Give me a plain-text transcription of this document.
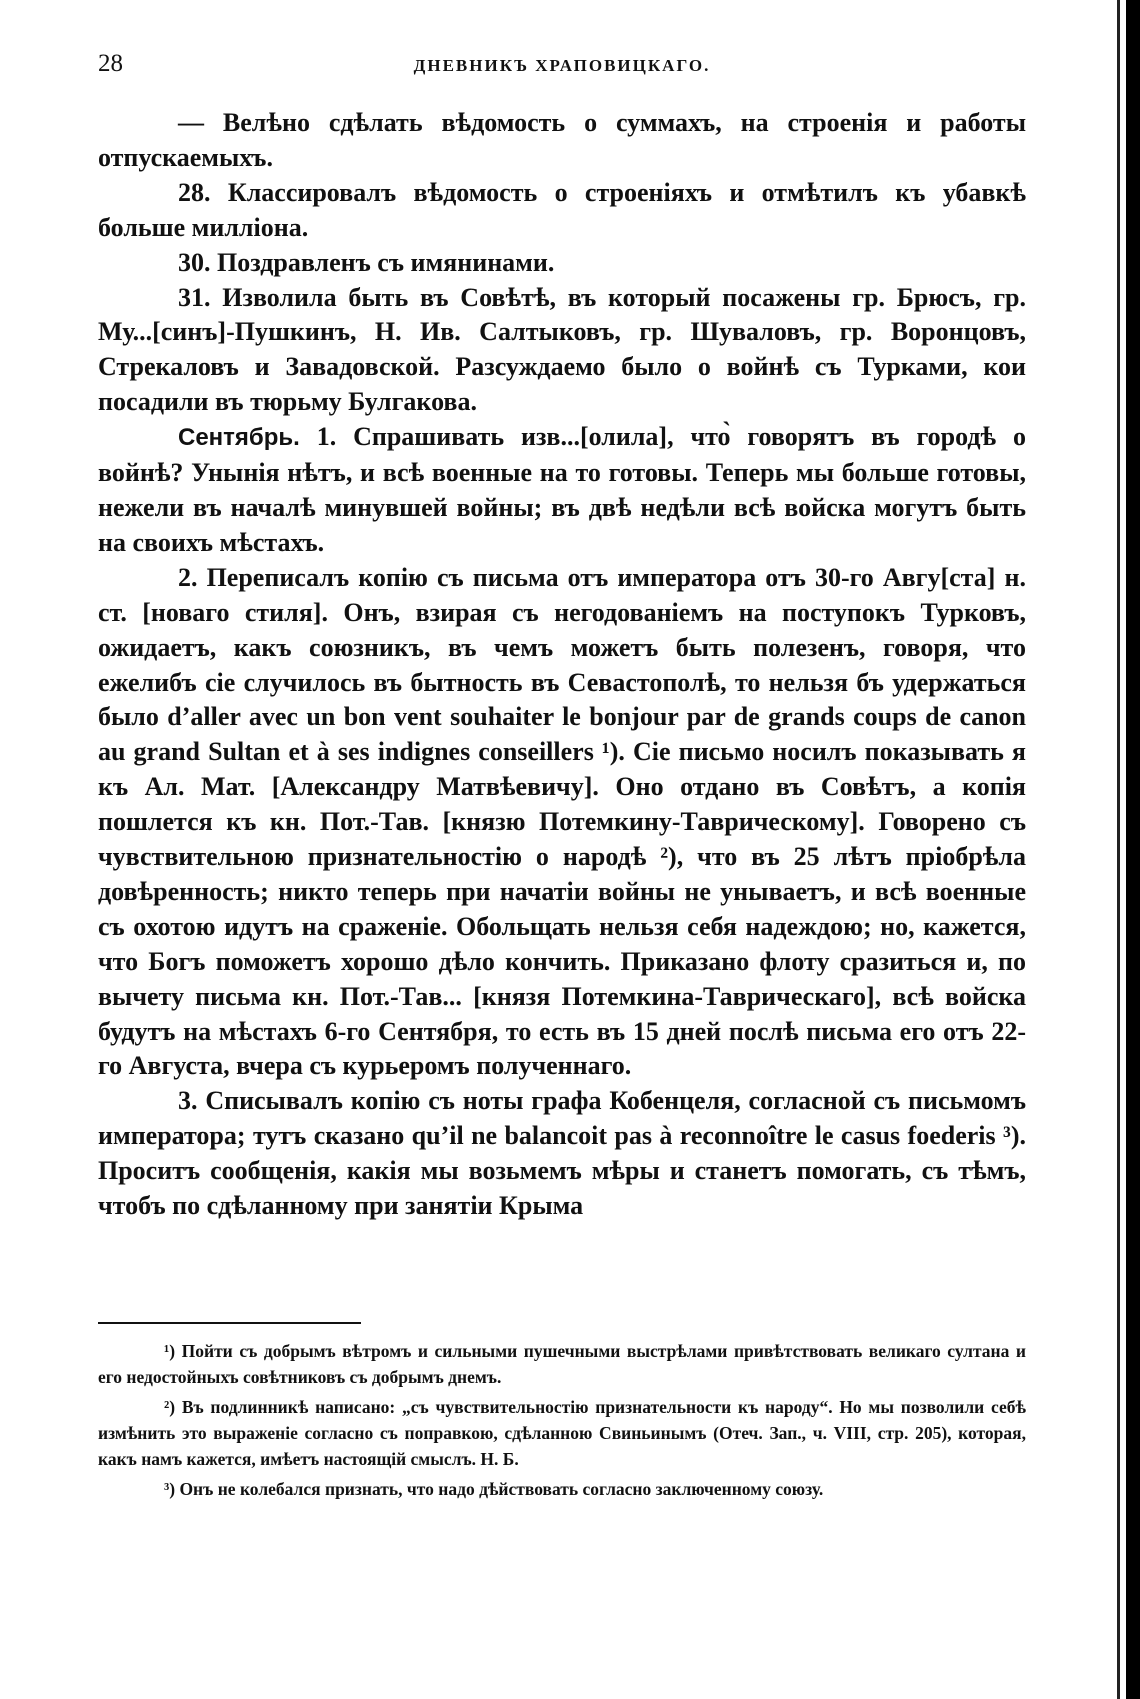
28	ДНЕВНИКЪ ХРАПОВИЦКАГО.

— Велѣно сдѣлать вѣдомость о суммахъ, на строенія и работы отпускаемыхъ.

28. Классировалъ вѣдомость о строеніяхъ и отмѣтилъ къ убавкѣ больше милліона.

30. Поздравленъ съ имянинами.

31. Изволила быть въ Совѣтѣ, въ который посажены гр. Брюсъ, гр. Му...[синъ]-Пушкинъ, Н. Ив. Салтыковъ, гр. Шуваловъ, гр. Воронцовъ, Стрекаловъ и Завадовской. Разсуждаемо было о войнѣ съ Турками, кои посадили въ тюрьму Булгакова.

Сентябрь. 1. Спрашивать изв...[олила], что̀ говорятъ въ городѣ о войнѣ? Унынія нѣтъ, и всѣ военные на то готовы. Теперь мы больше готовы, нежели въ началѣ минувшей войны; въ двѣ недѣли всѣ войска могутъ быть на своихъ мѣстахъ.

2. Переписалъ копію съ письма отъ императора отъ 30-го Авгу[ста] н. ст. [новаго стиля]. Онъ, взирая съ негодованіемъ на поступокъ Турковъ, ожидаетъ, какъ союзникъ, въ чемъ можетъ быть полезенъ, говоря, что ежелибъ сіе случилось въ бытность въ Севастополѣ, то нельзя бъ удержаться было d’aller avec un bon vent souhaiter le bonjour par de grands coups de canon au grand Sultan et à ses indignes conseillers ¹). Сіе письмо носилъ показывать я къ Ал. Мат. [Александру Матвѣевичу]. Оно отдано въ Совѣтъ, а копія пошлется къ кн. Пот.-Тав. [князю Потемкину-Таврическому]. Говорено съ чувствительною признательностію о народѣ ²), что въ 25 лѣтъ пріобрѣла довѣренность; никто теперь при начатіи войны не унываетъ, и всѣ военные съ охотою идутъ на сраженіе. Обольщать нельзя себя надеждою; но, кажется, что Богъ поможетъ хорошо дѣло кончить. Приказано флоту сразиться и, по вычету письма кн. Пот.-Тав... [князя Потемкина-Таврическаго], всѣ войска будутъ на мѣстахъ 6-го Сентября, то есть въ 15 дней послѣ письма его отъ 22-го Августа, вчера съ курьеромъ полученнаго.

3. Списывалъ копію съ ноты графа Кобенцеля, согласной съ письмомъ императора; тутъ сказано qu’il ne balancoit pas à reconnoître le casus foederis ³). Проситъ сообщенія, какія мы возьмемъ мѣры и станетъ помогать, съ тѣмъ, чтобъ по сдѣланному при занятіи Крыма

¹) Пойти съ добрымъ вѣтромъ и сильными пушечными выстрѣлами привѣтствовать великаго султана и его недостойныхъ совѣтниковъ съ добрымъ днемъ.

²) Въ подлинникѣ написано: „съ чувствительностію признательности къ народу“. Но мы позволили себѣ измѣнить это выраженіе согласно съ поправкою, сдѣланною Свиньинымъ (Отеч. Зап., ч. VIII, стр. 205), которая, какъ намъ кажется, имѣетъ настоящій смыслъ. Н. Б.

³) Онъ не колебался признать, что надо дѣйствовать согласно заключенному союзу.
